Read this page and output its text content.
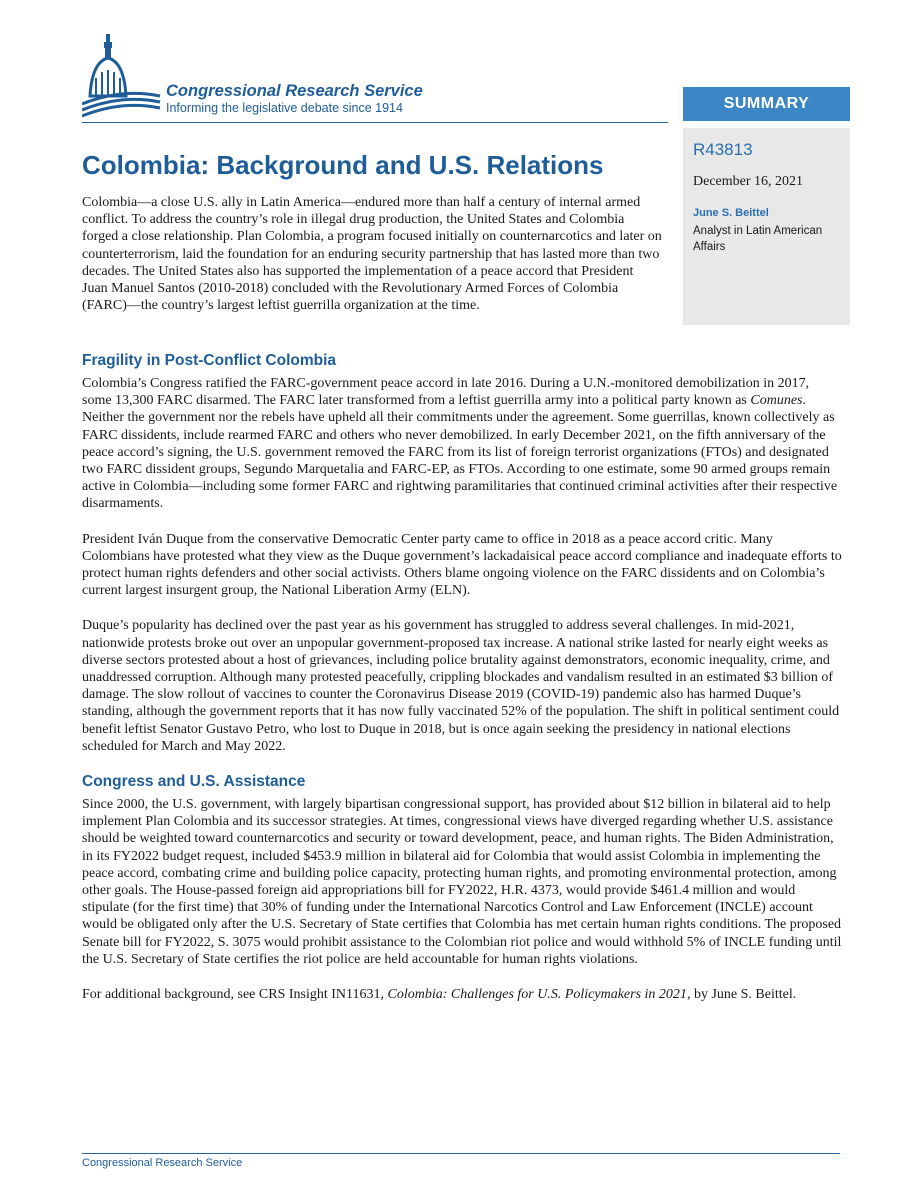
Congressional Research Service
Informing the legislative debate since 1914	SUMMARY
R43813
December 16, 2021
June S. Beittel
Analyst in Latin American Affairs
Colombia: Background and U.S. Relations

Colombia—a close U.S. ally in Latin America—endured more than half a century of internal armed conflict. To address the country’s role in illegal drug production, the United States and Colombia forged a close relationship. Plan Colombia, a program focused initially on counternarcotics and later on counterterrorism, laid the foundation for an enduring security partnership that has lasted more than two decades. The United States also has supported the implementation of a peace accord that President Juan Manuel Santos (2010-2018) concluded with the Revolutionary Armed Forces of Colombia (FARC)—the country’s largest leftist guerrilla organization at the time.

Fragility in Post-Conflict Colombia

Colombia’s Congress ratified the FARC-government peace accord in late 2016. During a U.N.-monitored demobilization in 2017, some 13,300 FARC disarmed. The FARC later transformed from a leftist guerrilla army into a political party known as Comunes. Neither the government nor the rebels have upheld all their commitments under the agreement. Some guerrillas, known collectively as FARC dissidents, include rearmed FARC and others who never demobilized. In early December 2021, on the fifth anniversary of the peace accord’s signing, the U.S. government removed the FARC from its list of foreign terrorist organizations (FTOs) and designated two FARC dissident groups, Segundo Marquetalia and FARC-EP, as FTOs. According to one estimate, some 90 armed groups remain active in Colombia—including some former FARC and rightwing paramilitaries that continued criminal activities after their respective disarmaments.

President Iván Duque from the conservative Democratic Center party came to office in 2018 as a peace accord critic. Many Colombians have protested what they view as the Duque government’s lackadaisical peace accord compliance and inadequate efforts to protect human rights defenders and other social activists. Others blame ongoing violence on the FARC dissidents and on Colombia’s current largest insurgent group, the National Liberation Army (ELN).

Duque’s popularity has declined over the past year as his government has struggled to address several challenges. In mid-2021, nationwide protests broke out over an unpopular government-proposed tax increase. A national strike lasted for nearly eight weeks as diverse sectors protested about a host of grievances, including police brutality against demonstrators, economic inequality, crime, and unaddressed corruption. Although many protested peacefully, crippling blockades and vandalism resulted in an estimated $3 billion of damage. The slow rollout of vaccines to counter the Coronavirus Disease 2019 (COVID-19) pandemic also has harmed Duque’s standing, although the government reports that it has now fully vaccinated 52% of the population. The shift in political sentiment could benefit leftist Senator Gustavo Petro, who lost to Duque in 2018, but is once again seeking the presidency in national elections scheduled for March and May 2022.

Congress and U.S. Assistance

Since 2000, the U.S. government, with largely bipartisan congressional support, has provided about $12 billion in bilateral aid to help implement Plan Colombia and its successor strategies. At times, congressional views have diverged regarding whether U.S. assistance should be weighted toward counternarcotics and security or toward development, peace, and human rights. The Biden Administration, in its FY2022 budget request, included $453.9 million in bilateral aid for Colombia that would assist Colombia in implementing the peace accord, combating crime and building police capacity, protecting human rights, and promoting environmental protection, among other goals. The House-passed foreign aid appropriations bill for FY2022, H.R. 4373, would provide $461.4 million and would stipulate (for the first time) that 30% of funding under the International Narcotics Control and Law Enforcement (INCLE) account would be obligated only after the U.S. Secretary of State certifies that Colombia has met certain human rights conditions. The proposed Senate bill for FY2022, S. 3075 would prohibit assistance to the Colombian riot police and would withhold 5% of INCLE funding until the U.S. Secretary of State certifies the riot police are held accountable for human rights violations.

For additional background, see CRS Insight IN11631, Colombia: Challenges for U.S. Policymakers in 2021, by June S. Beittel.

Congressional Research Service
